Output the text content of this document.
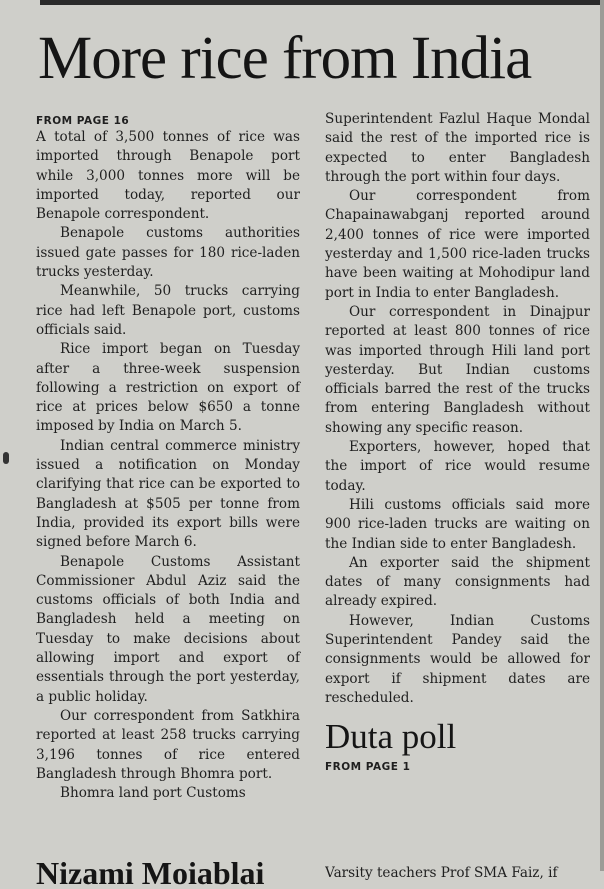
More rice from India
FROM PAGE 16

A total of 3,500 tonnes of rice was imported through Benapole port while 3,000 tonnes more will be imported today, reported our Benapole correspondent.

Benapole customs authorities issued gate passes for 180 rice-laden trucks yesterday.

Meanwhile, 50 trucks carrying rice had left Benapole port, customs officials said.

Rice import began on Tuesday after a three-week suspension following a restriction on export of rice at prices below $650 a tonne imposed by India on March 5.

Indian central commerce ministry issued a notification on Monday clarifying that rice can be exported to Bangladesh at $505 per tonne from India, provided its export bills were signed before March 6.

Benapole Customs Assistant Commissioner Abdul Aziz said the customs officials of both India and Bangladesh held a meeting on Tuesday to make decisions about allowing import and export of essentials through the port yesterday, a public holiday.

Our correspondent from Satkhira reported at least 258 trucks carrying 3,196 tonnes of rice entered Bangladesh through Bhomra port.

Bhomra land port Customs

Superintendent Fazlul Haque Mondal said the rest of the imported rice is expected to enter Bangladesh through the port within four days.

Our correspondent from Chapainawabganj reported around 2,400 tonnes of rice were imported yesterday and 1,500 rice-laden trucks have been waiting at Mohodipur land port in India to enter Bangladesh.

Our correspondent in Dinajpur reported at least 800 tonnes of rice was imported through Hili land port yesterday. But Indian customs officials barred the rest of the trucks from entering Bangladesh without showing any specific reason.

Exporters, however, hoped that the import of rice would resume today.

Hili customs officials said more 900 rice-laden trucks are waiting on the Indian side to enter Bangladesh.

An exporter said the shipment dates of many consignments had already expired.

However, Indian Customs Superintendent Pandey said the consignments would be allowed for export if shipment dates are rescheduled.

Duta poll
FROM PAGE 1
Nizami Moiablai	Varsity teachers Prof SMA Faiz, if
